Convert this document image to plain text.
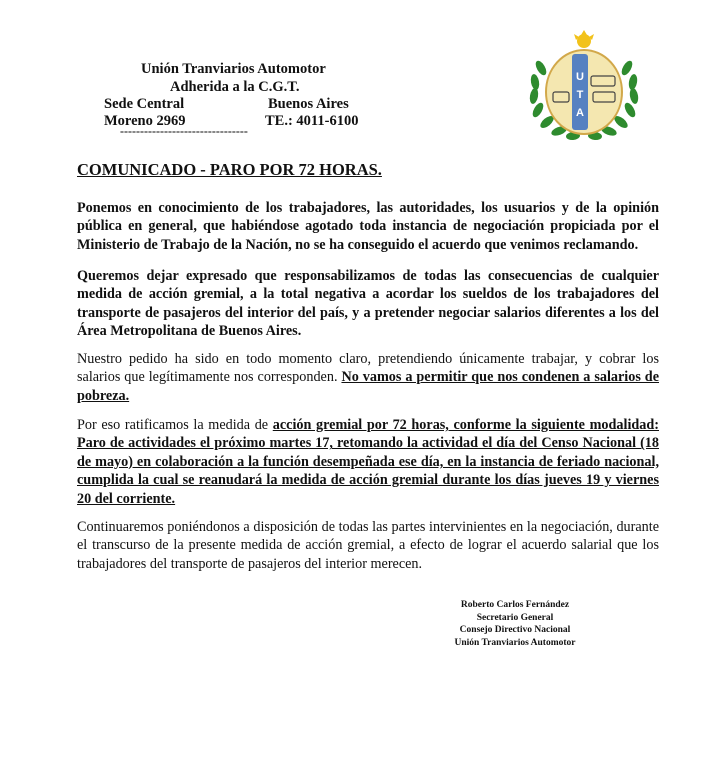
Unión Tranviarios Automotor
Adherida a la C.G.T.
Sede Central	Buenos Aires
Moreno 2969	TE.: 4011-6100
--------------------------------
U
T
A
COMUNICADO - PARO POR 72 HORAS.

Ponemos en conocimiento de los trabajadores, las autoridades, los usuarios y de la opinión pública en general, que habiéndose agotado toda instancia de negociación propiciada por el Ministerio de Trabajo de la Nación, no se ha conseguido el acuerdo que venimos reclamando.

Queremos dejar expresado que responsabilizamos de todas las consecuencias de cualquier medida de acción gremial, a la total negativa a acordar los sueldos de los trabajadores del transporte de pasajeros del interior del país, y a pretender negociar salarios diferentes a los del Área Metropolitana de Buenos Aires.

Nuestro pedido ha sido en todo momento claro, pretendiendo únicamente trabajar, y cobrar los salarios que legítimamente nos corresponden. No vamos a permitir que nos condenen a salarios de pobreza.

Por eso ratificamos la medida de acción gremial por 72 horas, conforme la siguiente modalidad: Paro de actividades el próximo martes 17, retomando la actividad el día del Censo Nacional (18 de mayo) en colaboración a la función desempeñada ese día, en la instancia de feriado nacional, cumplida la cual se reanudará la medida de acción gremial durante los días jueves 19 y viernes 20 del corriente.

Continuaremos poniéndonos a disposición de todas las partes intervinientes en la negociación, durante el transcurso de la presente medida de acción gremial, a efecto de lograr el acuerdo salarial que los trabajadores del transporte de pasajeros del interior merecen.

Roberto Carlos Fernández
Secretario General
Consejo Directivo Nacional
Unión Tranviarios Automotor
